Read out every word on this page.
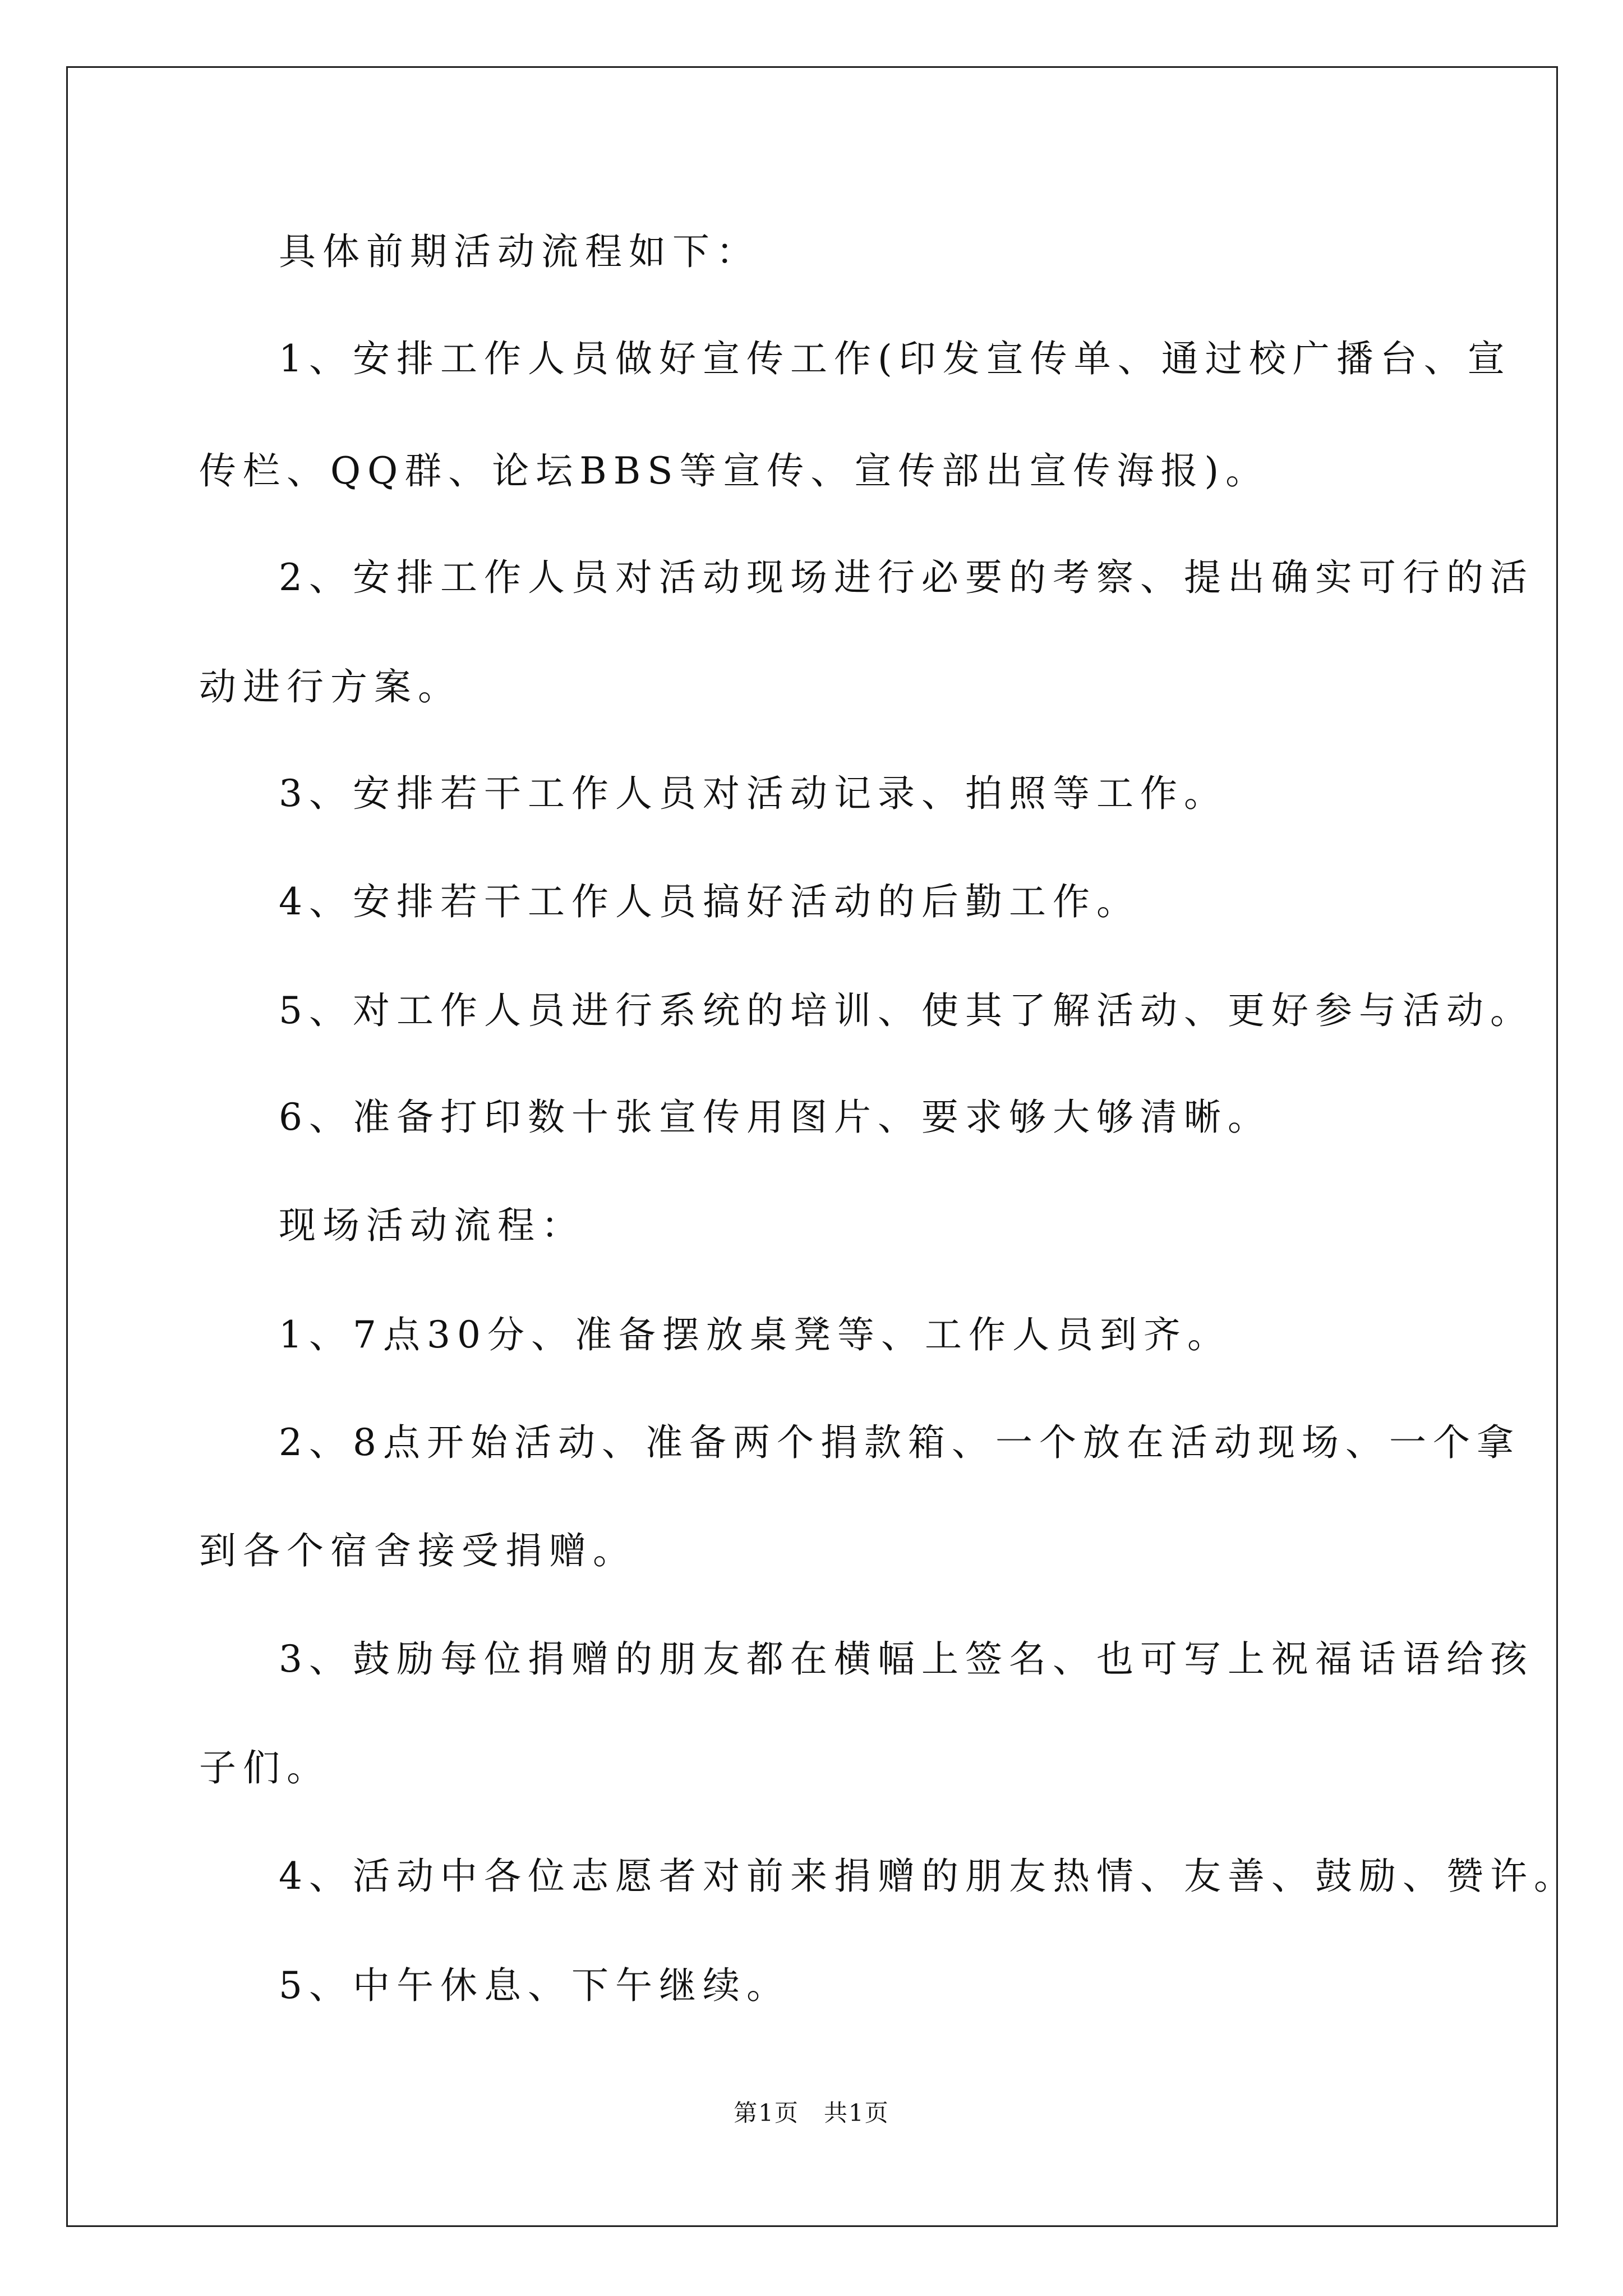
具体前期活动流程如下：
1、安排工作人员做好宣传工作(印发宣传单、通过校广播台、宣
传栏、QQ群、论坛BBS等宣传、宣传部出宣传海报)。
2、安排工作人员对活动现场进行必要的考察、提出确实可行的活
动进行方案。
3、安排若干工作人员对活动记录、拍照等工作。
4、安排若干工作人员搞好活动的后勤工作。
5、对工作人员进行系统的培训、使其了解活动、更好参与活动。
6、准备打印数十张宣传用图片、要求够大够清晰。
现场活动流程：
1、7点30分、准备摆放桌凳等、工作人员到齐。
2、8点开始活动、准备两个捐款箱、一个放在活动现场、一个拿
到各个宿舍接受捐赠。
3、鼓励每位捐赠的朋友都在横幅上签名、也可写上祝福话语给孩
子们。
4、活动中各位志愿者对前来捐赠的朋友热情、友善、鼓励、赞许。
5、中午休息、下午继续。
第1页　共1页
